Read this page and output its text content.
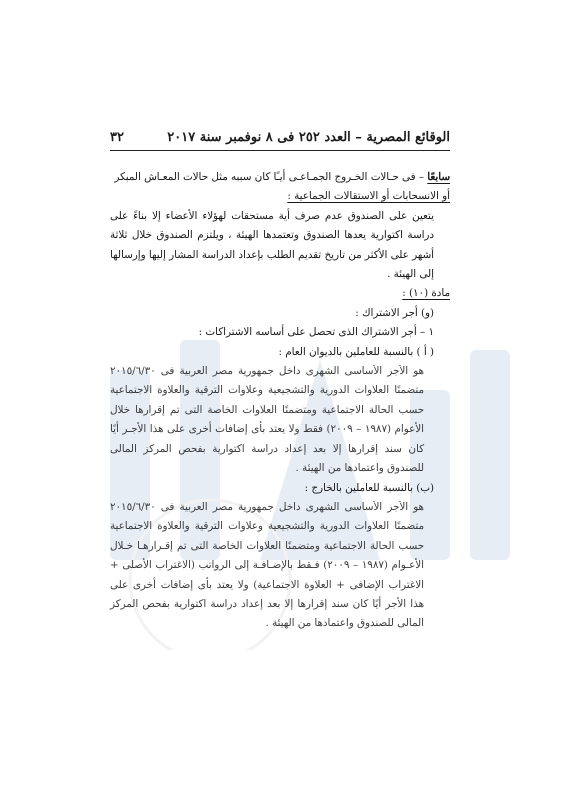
الوقائع المصرية – العدد ٢٥٢ فى ٨ نوفمبر سنة ٢٠١٧
٣٢

سابعًا – فى حـالات الخـروج الجمـاعـى أيـًا كان سببه مثل حالات المعـاش المبكر

أو الانسحابات أو الاستقالات الجماعية :

يتعين على الصندوق عدم صرف أية مستحقات لهؤلاء الأعضاء إلا بناءً على دراسة اكتوارية يعدها الصندوق وتعتمدها الهيئة ، ويلتزم الصندوق خلال ثلاثة أشهر على الأكثر من تاريخ تقديم الطلب بإعداد الدراسة المشار إليها وإرسالها إلى الهيئة .

مادة (١٠) :

(و) أجر الاشتراك :

١ – أجر الاشتراك الذى تحصل على أساسه الاشتراكات :

( أ ) بالنسبة للعاملين بالديوان العام :

هو الأجر الأساسى الشهرى داخل جمهورية مصر العربية فى ٢٠١٥/٦/٣٠ متضمنًا العلاوات الدورية والتشجيعية وعلاوات الترقية والعلاوة الاجتماعية حسب الحالة الاجتماعية ومتضمنًا العلاوات الخاصة التى تم إقرارها خلال الأعوام (١٩٨٧ – ٢٠٠٩) فقط ولا يعتد بأى إضافات أخرى على هذا الأجـر أيًا كان سند إقرارها إلا بعد إعداد دراسة اكتوارية بفحص المركز المالى للصندوق واعتمادها من الهيئة .

(ب) بالنسبة للعاملين بالخارج :

هو الأجر الأساسى الشهرى داخل جمهورية مصر العربية فى ٢٠١٥/٦/٣٠ متضمنًا العلاوات الدورية والتشجيعية وعلاوات الترقية والعلاوة الاجتماعية حسب الحالة الاجتماعية ومتضمنًا العلاوات الخاصة التى تم إقـرارهـا خـلال الأعـوام (١٩٨٧ – ٢٠٠٩) فـقط بالإضـافـة إلى الرواتب (الاغتراب الأصلى + الاغتراب الإضافى + العلاوة الاجتماعية) ولا يعتد بأى إضافات أخرى على هذا الأجر أيًا كان سند إقرارها إلا بعد إعداد دراسة اكتوارية بفحص المركز المالى للصندوق واعتمادها من الهيئة .
